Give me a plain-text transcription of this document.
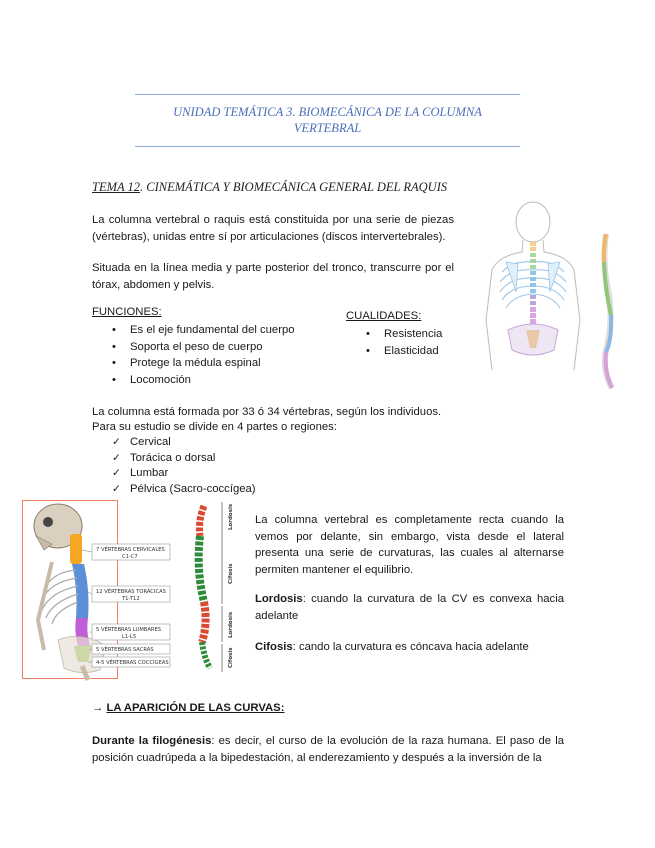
UNIDAD TEMÁTICA 3. BIOMECÁNICA DE LA COLUMNA
VERTEBRAL
TEMA 12. CINEMÁTICA Y BIOMECÁNICA GENERAL DEL RAQUIS
La columna vertebral o raquis está constituida por una serie de piezas (vértebras), unidas entre sí por articulaciones (discos intervertebrales).
Situada en la línea media y parte posterior del tronco, transcurre por el tórax, abdomen y pelvis.
FUNCIONES:
• Es el eje fundamental del cuerpo
• Soporta el peso de cuerpo
• Protege la médula espinal
• Locomoción
CUALIDADES:
• Resistencia
• Elasticidad
La columna está formada por 33 ó 34 vértebras, según los individuos.
Para su estudio se divide en 4 partes o regiones:
✓ Cervical
✓ Torácica o dorsal
✓ Lumbar
✓ Pélvica (Sacro-coccígea)
7 VÉRTEBRAS CERVICALES
C1-C7
12 VÉRTEBRAS TORÁCICAS
T1-T12
5 VÉRTEBRAS LUMBARES
L1-L5
5 VÉRTEBRAS SACRAS
4-5 VÉRTEBRAS COCCÍGEAS
Lordosis
Cifosis
Lordosis
Cifosis
La columna vertebral es completamente recta cuando la vemos por delante, sin embargo, vista desde el lateral presenta una serie de curvaturas, las cuales al alternarse permiten mantener el equilibrio.
Lordosis: cuando la curvatura de la CV es convexa hacia adelante
Cifosis: cando la curvatura es cóncava hacia adelante
→ LA APARICIÓN DE LAS CURVAS:
Durante la filogénesis: es decir, el curso de la evolución de la raza humana. El paso de la posición cuadrúpeda a la bipedestación, al enderezamiento y después a la inversión de la
